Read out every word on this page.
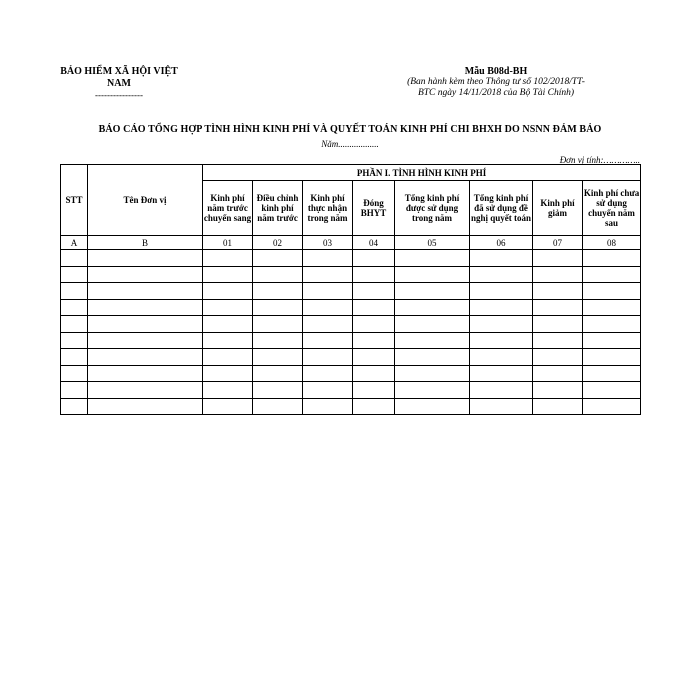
BẢO HIỂM XÃ HỘI VIỆT
NAM
----------------
Mẫu B08d-BH
(Ban hành kèm theo Thông tư số 102/2018/TT-
BTC ngày 14/11/2018 của Bộ Tài Chính)
BÁO CÁO TỔNG HỢP TÌNH HÌNH KINH PHÍ VÀ QUYẾT TOÁN KINH PHÍ CHI BHXH DO NSNN ĐẢM BẢO
Năm..................
Đơn vị tính:…………..
STT	Tên Đơn vị	PHẦN I. TÌNH HÌNH KINH PHÍ							
		Kinh phí năm trước chuyển sang	Điều chỉnh kinh phí năm trước	Kinh phí thực nhận trong năm	Đóng BHYT	Tổng kinh phí được sử dụng trong năm	Tổng kinh phí đã sử dụng đề nghị quyết toán	Kinh phí giảm	Kinh phí chưa sử dụng chuyển năm sau
A	B	01	02	03	04	05	06	07	08
